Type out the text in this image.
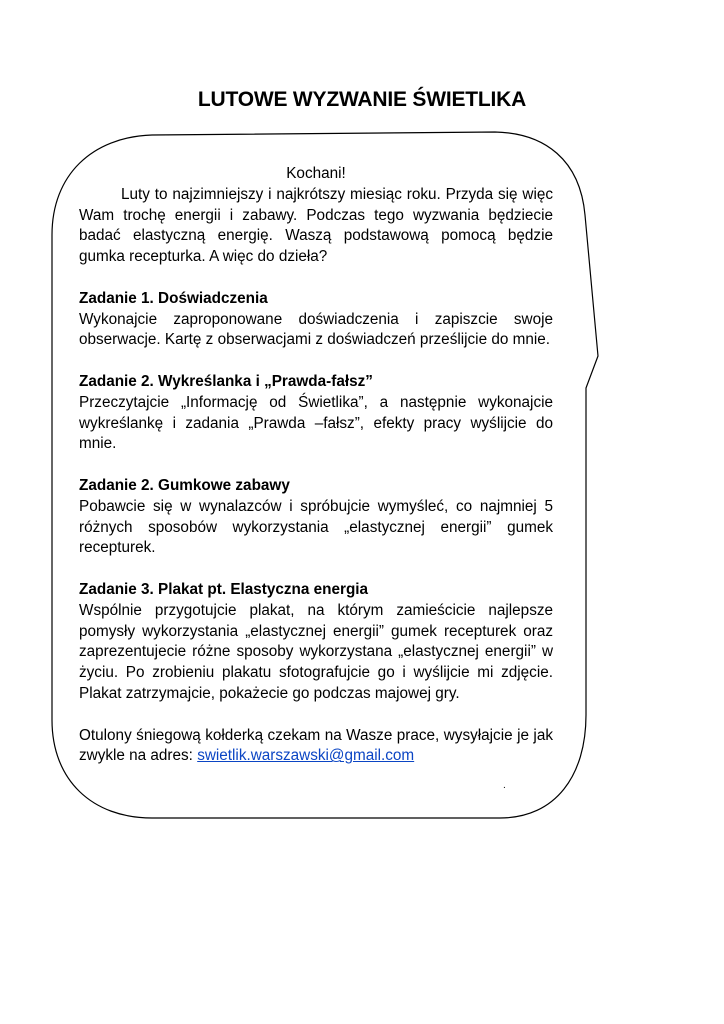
LUTOWE WYZWANIE ŚWIETLIKA

Kochani!

Luty to najzimniejszy i najkrótszy miesiąc roku. Przyda się więc Wam trochę energii i zabawy. Podczas tego wyzwania będziecie badać elastyczną energię. Waszą podstawową pomocą będzie gumka recepturka. A więc do dzieła?

Zadanie 1. Doświadczenia

Wykonajcie zaproponowane doświadczenia i zapiszcie swoje obserwacje. Kartę z obserwacjami z doświadczeń prześlijcie do mnie.

Zadanie 2. Wykreślanka i „Prawda-fałsz”

Przeczytajcie „Informację od Świetlika”, a następnie wykonajcie wykreślankę i zadania „Prawda –fałsz”, efekty pracy wyślijcie do mnie.

Zadanie 2. Gumkowe zabawy

Pobawcie się w wynalazców i spróbujcie wymyśleć, co najmniej 5 różnych sposobów wykorzystania „elastycznej energii” gumek recepturek.

Zadanie 3. Plakat pt. Elastyczna energia

Wspólnie przygotujcie plakat, na którym zamieścicie najlepsze pomysły wykorzystania „elastycznej energii” gumek recepturek oraz zaprezentujecie różne sposoby wykorzystana „elastycznej energii” w życiu. Po zrobieniu plakatu sfotografujcie go i wyślijcie mi zdjęcie. Plakat zatrzymajcie, pokażecie go podczas majowej gry.

Otulony śniegową kołderką czekam na Wasze prace, wysyłajcie je jak zwykle na adres: swietlik.warszawski@gmail.com

.
